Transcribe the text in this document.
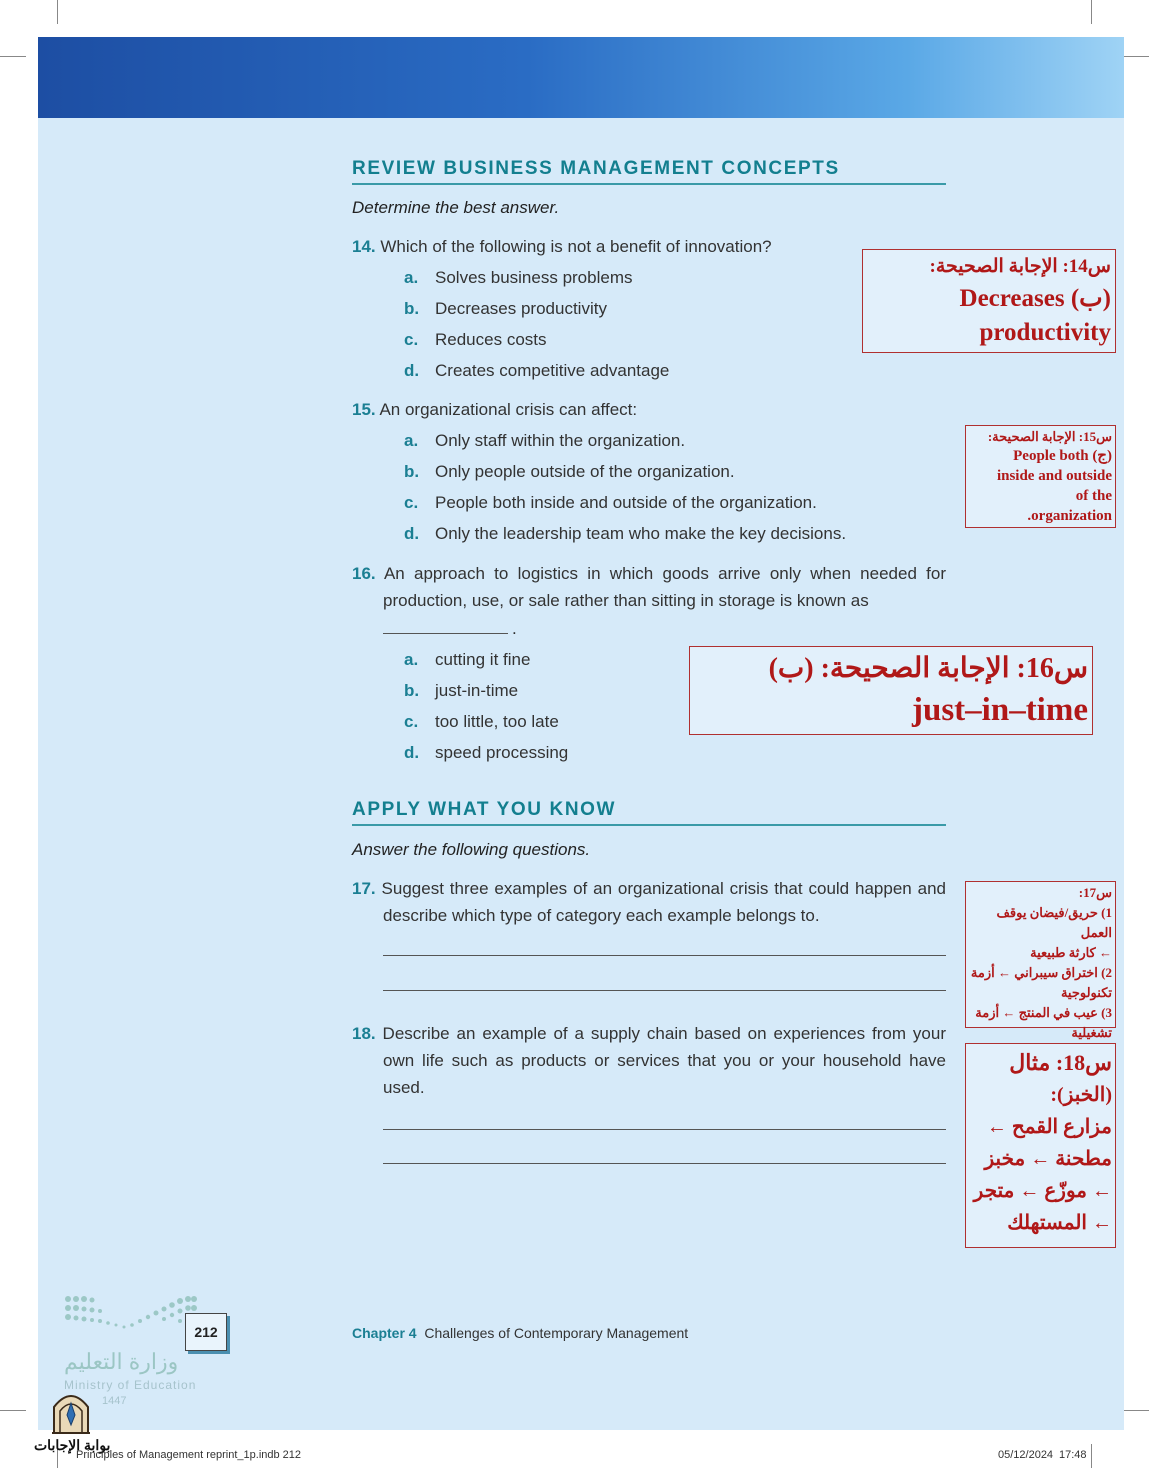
REVIEW BUSINESS MANAGEMENT CONCEPTS
Determine the best answer.
14. Which of the following is not a benefit of innovation?
a. Solves business problems
b. Decreases productivity
c. Reduces costs
d. Creates competitive advantage
15. An organizational crisis can affect:
a. Only staff within the organization.
b. Only people outside of the organization.
c. People both inside and outside of the organization.
d. Only the leadership team who make the key decisions.
16. An approach to logistics in which goods arrive only when needed for production, use, or sale rather than sitting in storage is known as
.
a. cutting it fine
b. just-in-time
c. too little, too late
d. speed processing
APPLY WHAT YOU KNOW
Answer the following questions.
17. Suggest three examples of an organizational crisis that could happen and describe which type of category each example belongs to.
18. Describe an example of a supply chain based on experiences from your own life such as products or services that you or your household have used.
س14: الإجابة الصحيحة:
(ب) Decreases
productivity
س15: الإجابة الصحيحة:
(ج) People both
inside and outside
of the
organization.
س16: الإجابة الصحيحة: (ب)
just–in–time
س17:
1) حريق/فيضان يوقف العمل
← كارثة طبيعية
2) اختراق سيبراني ← أزمة
تكنولوجية
3) عيب في المنتج ← أزمة
تشغيلية
س18: مثال
(الخبز):
مزارع القمح ←
مطحنة ← مخبز
← موزّع ← متجر
← المستهلك
212
وزارة التعليم
Ministry of Education
1447
Chapter 4 Challenges of Contemporary Management
بوابة الإجابات
Principles of Management reprint_1p.indb 212	05/12/2024 17:48
